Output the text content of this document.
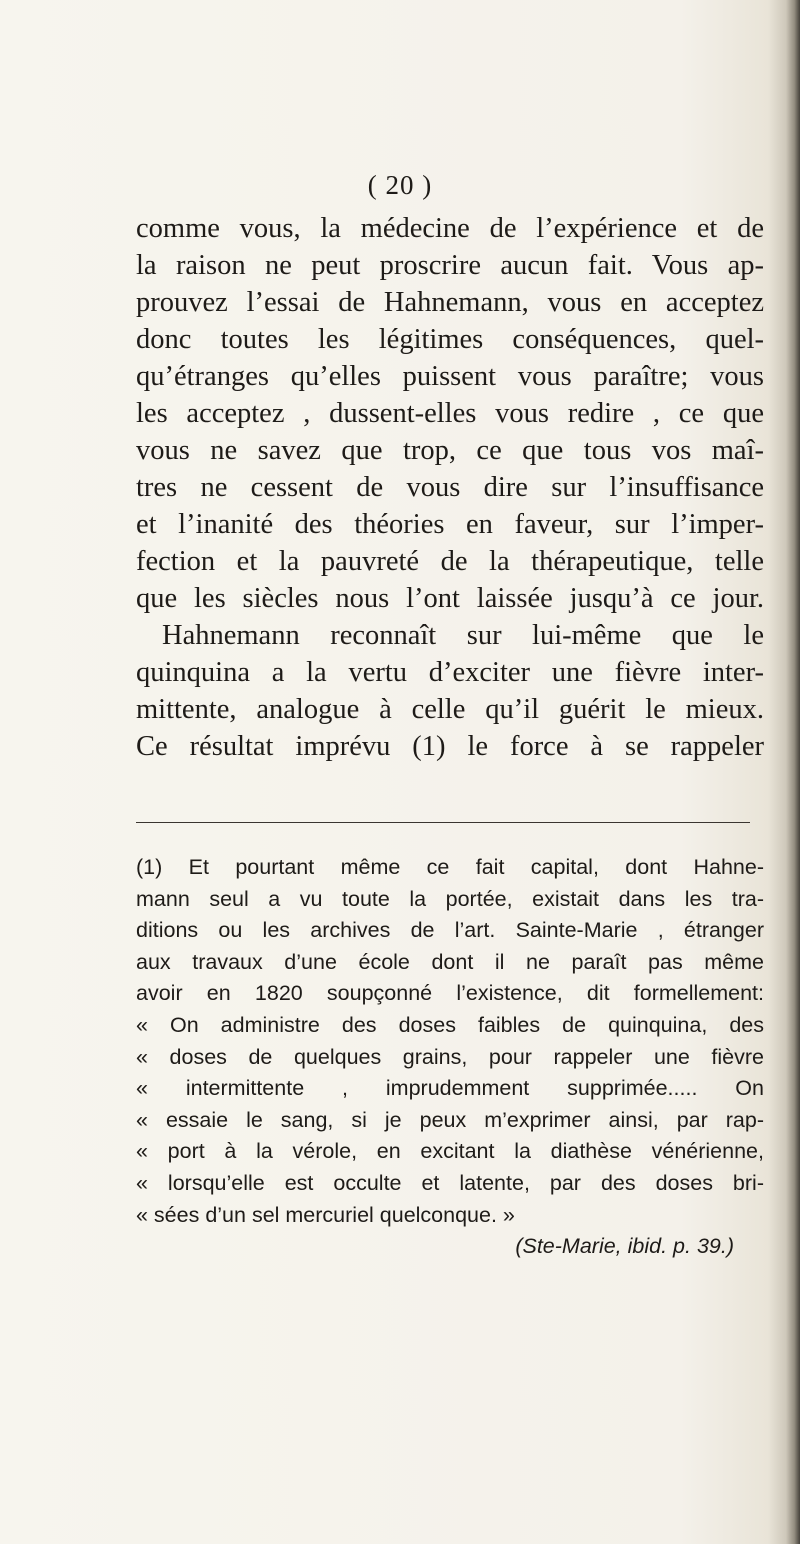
( 20 )
comme vous, la médecine de l’expérience et de
la raison ne peut proscrire aucun fait. Vous ap-
prouvez l’essai de Hahnemann, vous en acceptez
donc toutes les légitimes conséquences, quel-
qu’étranges qu’elles puissent vous paraître; vous
les acceptez , dussent-elles vous redire , ce que
vous ne savez que trop, ce que tous vos maî-
tres ne cessent de vous dire sur l’insuffisance
et l’inanité des théories en faveur, sur l’imper-
fection et la pauvreté de la thérapeutique, telle
que les siècles nous l’ont laissée jusqu’à ce jour.
Hahnemann reconnaît sur lui-même que le
quinquina a la vertu d’exciter une fièvre inter-
mittente, analogue à celle qu’il guérit le mieux.
Ce résultat imprévu (1) le force à se rappeler
(1) Et pourtant même ce fait capital, dont Hahne-
mann seul a vu toute la portée, existait dans les tra-
ditions ou les archives de l’art. Sainte-Marie , étranger
aux travaux d’une école dont il ne paraît pas même
avoir en 1820 soupçonné l’existence, dit formellement:
« On administre des doses faibles de quinquina, des
« doses de quelques grains, pour rappeler une fièvre
« intermittente , imprudemment supprimée..... On
« essaie le sang, si je peux m’exprimer ainsi, par rap-
« port à la vérole, en excitant la diathèse vénérienne,
« lorsqu’elle est occulte et latente, par des doses bri-
« sées d’un sel mercuriel quelconque. »
(Ste-Marie, ibid. p. 39.)
